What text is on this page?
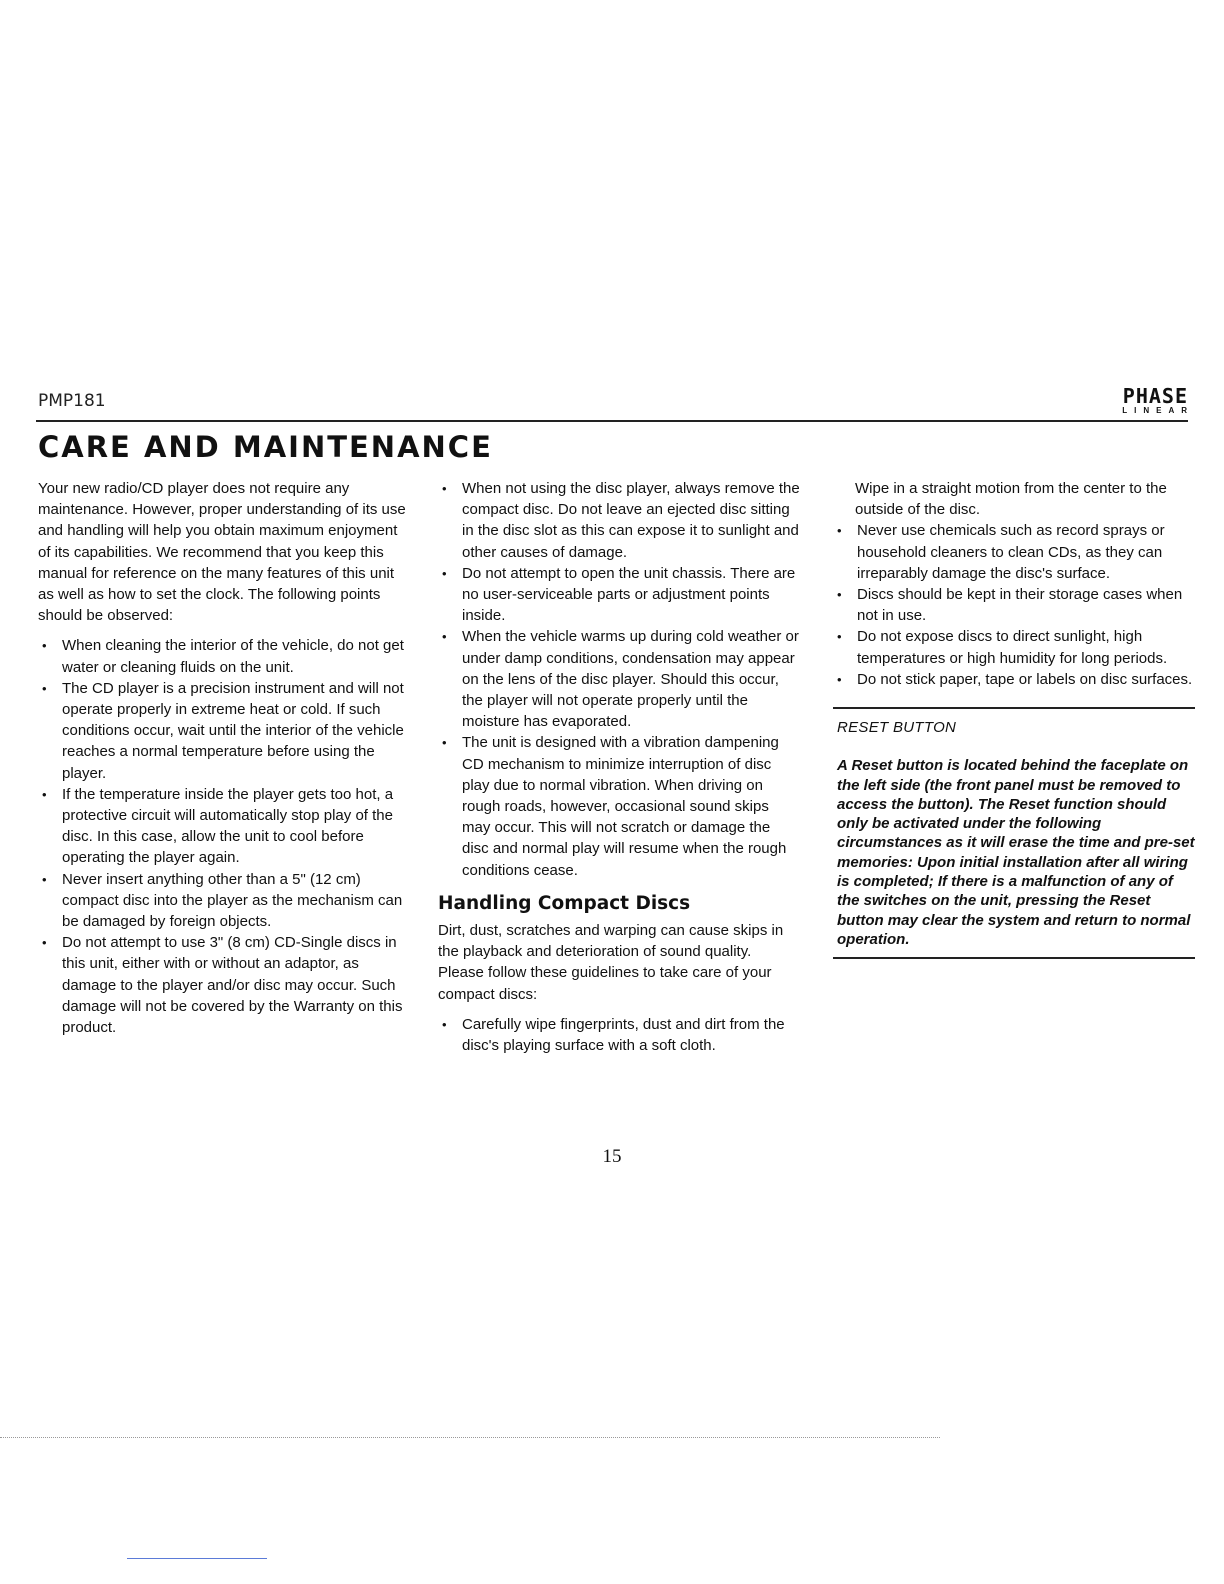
PMP181	PHASE
LINEAR
CARE AND MAINTENANCE

Your new radio/CD player does not require any maintenance. However, proper understanding of its use and handling will help you obtain maximum enjoyment of its capabilities. We recommend that you keep this manual for reference on the many features of this unit as well as how to set the clock. The following points should be observed:

• When cleaning the interior of the vehicle, do not get water or cleaning fluids on the unit.
• The CD player is a precision instrument and will not operate properly in extreme heat or cold. If such conditions occur, wait until the interior of the vehicle reaches a normal temperature before using the player.
• If the temperature inside the player gets too hot, a protective circuit will automatically stop play of the disc. In this case, allow the unit to cool before operating the player again.
• Never insert anything other than a 5" (12 cm) compact disc into the player as the mechanism can be damaged by foreign objects.
• Do not attempt to use 3" (8 cm) CD-Single discs in this unit, either with or without an adaptor, as damage to the player and/or disc may occur. Such damage will not be covered by the Warranty on this product.
• When not using the disc player, always remove the compact disc. Do not leave an ejected disc sitting in the disc slot as this can expose it to sunlight and other causes of damage.
• Do not attempt to open the unit chassis. There are no user-serviceable parts or adjustment points inside.
• When the vehicle warms up during cold weather or under damp conditions, condensation may appear on the lens of the disc player. Should this occur, the player will not operate properly until the moisture has evaporated.
• The unit is designed with a vibration dampening CD mechanism to minimize interruption of disc play due to normal vibration. When driving on rough roads, however, occasional sound skips may occur. This will not scratch or damage the disc and normal play will resume when the rough conditions cease.
Handling Compact Discs

Dirt, dust, scratches and warping can cause skips in the playback and deterioration of sound quality. Please follow these guidelines to take care of your compact discs:

• Carefully wipe fingerprints, dust and dirt from the disc's playing surface with a soft cloth.
Wipe in a straight motion from the center to the outside of the disc.
• Never use chemicals such as record sprays or household cleaners to clean CDs, as they can irreparably damage the disc's surface.
• Discs should be kept in their storage cases when not in use.
• Do not expose discs to direct sunlight, high temperatures or high humidity for long periods.
• Do not stick paper, tape or labels on disc surfaces.
RESET BUTTON
A Reset button is located behind the faceplate on the left side (the front panel must be removed to access the button). The Reset function should only be activated under the following circumstances as it will erase the time and pre-set memories: Upon initial installation after all wiring is completed; If there is a malfunction of any of the switches on the unit, pressing the Reset button may clear the system and return to normal operation.
15
